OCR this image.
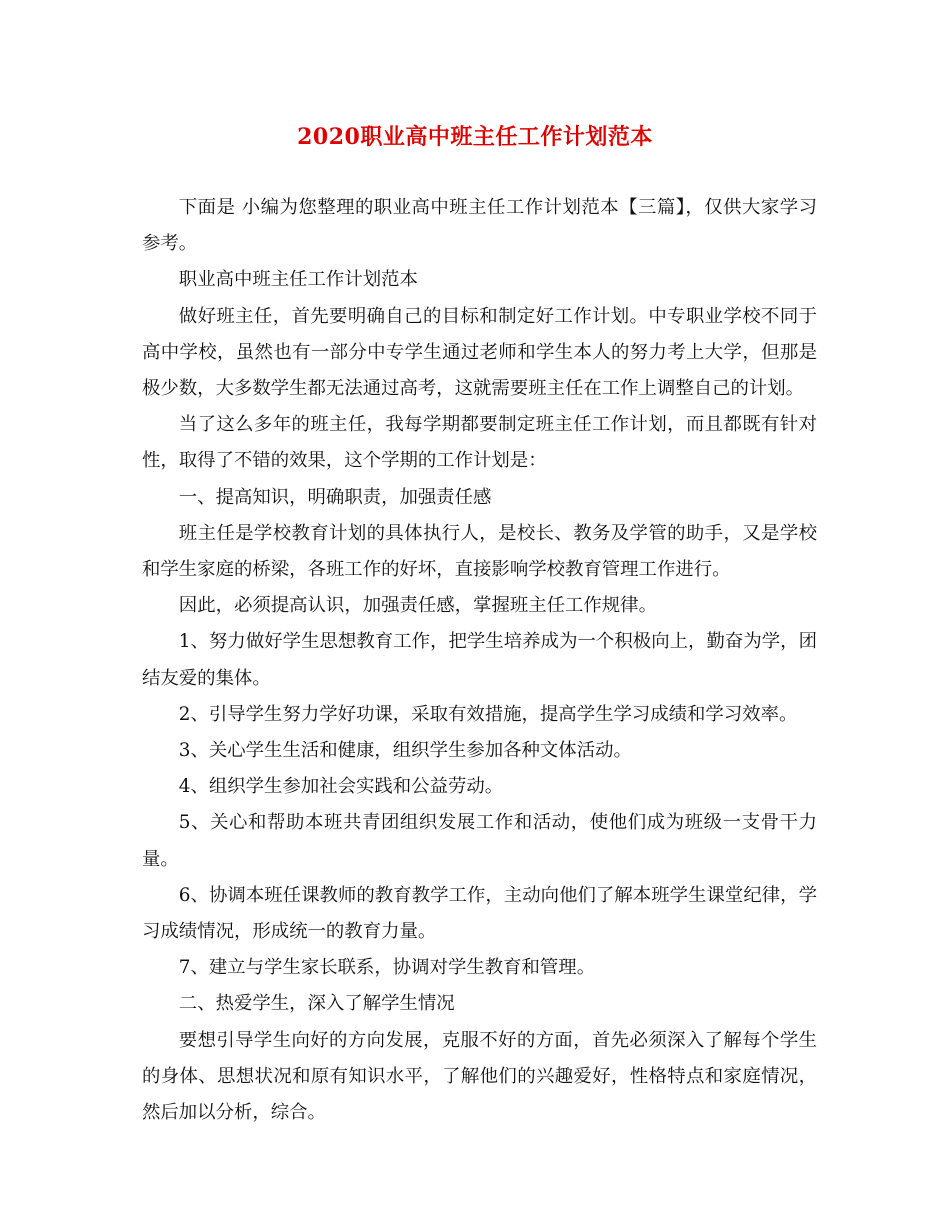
2020职业高中班主任工作计划范本

下面是 小编为您整理的职业高中班主任工作计划范本【三篇】，仅供大家学习参考。

职业高中班主任工作计划范本

做好班主任，首先要明确自己的目标和制定好工作计划。中专职业学校不同于高中学校，虽然也有一部分中专学生通过老师和学生本人的努力考上大学，但那是极少数，大多数学生都无法通过高考，这就需要班主任在工作上调整自己的计划。

当了这么多年的班主任，我每学期都要制定班主任工作计划，而且都既有针对性，取得了不错的效果，这个学期的工作计划是：

一、提高知识，明确职责，加强责任感

班主任是学校教育计划的具体执行人，是校长、教务及学管的助手，又是学校和学生家庭的桥梁，各班工作的好坏，直接影响学校教育管理工作进行。

因此，必须提高认识，加强责任感，掌握班主任工作规律。

1、努力做好学生思想教育工作，把学生培养成为一个积极向上，勤奋为学，团结友爱的集体。

2、引导学生努力学好功课，采取有效措施，提高学生学习成绩和学习效率。

3、关心学生生活和健康，组织学生参加各种文体活动。

4、组织学生参加社会实践和公益劳动。

5、关心和帮助本班共青团组织发展工作和活动，使他们成为班级一支骨干力量。

6、协调本班任课教师的教育教学工作，主动向他们了解本班学生课堂纪律，学习成绩情况，形成统一的教育力量。

7、建立与学生家长联系，协调对学生教育和管理。

二、热爱学生，深入了解学生情况

要想引导学生向好的方向发展，克服不好的方面，首先必须深入了解每个学生的身体、思想状况和原有知识水平，了解他们的兴趣爱好，性格特点和家庭情况，然后加以分析，综合。
